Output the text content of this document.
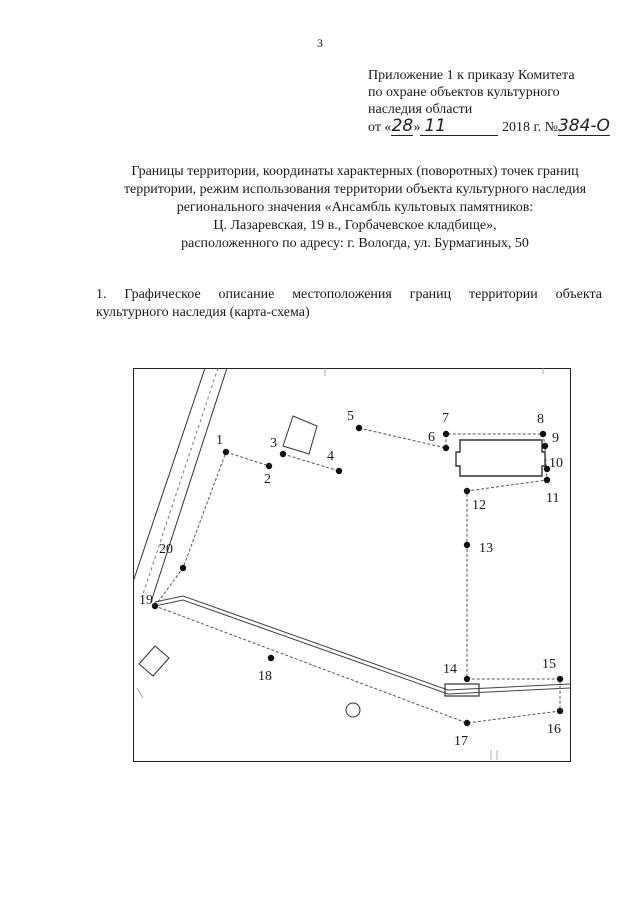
3
Приложение 1 к приказу Комитета
по охране объектов культурного
наследия области
от «28» 11	2018 г. №384-О
Границы территории, координаты характерных (поворотных) точек границ
территории, режим использования территории объекта культурного наследия
регионального значения «Ансамбль культовых памятников:
Ц. Лазаревская, 19 в., Горбачевское кладбище»,
расположенного по адресу: г. Вологда, ул. Бурмагиных, 50
1. Графическое описание местоположения границ территории объекта
культурного наследия (карта-схема)
1
2
3
4
5
6
7	8
9
10
11
12
13
14	15
16
17
18
19
20
